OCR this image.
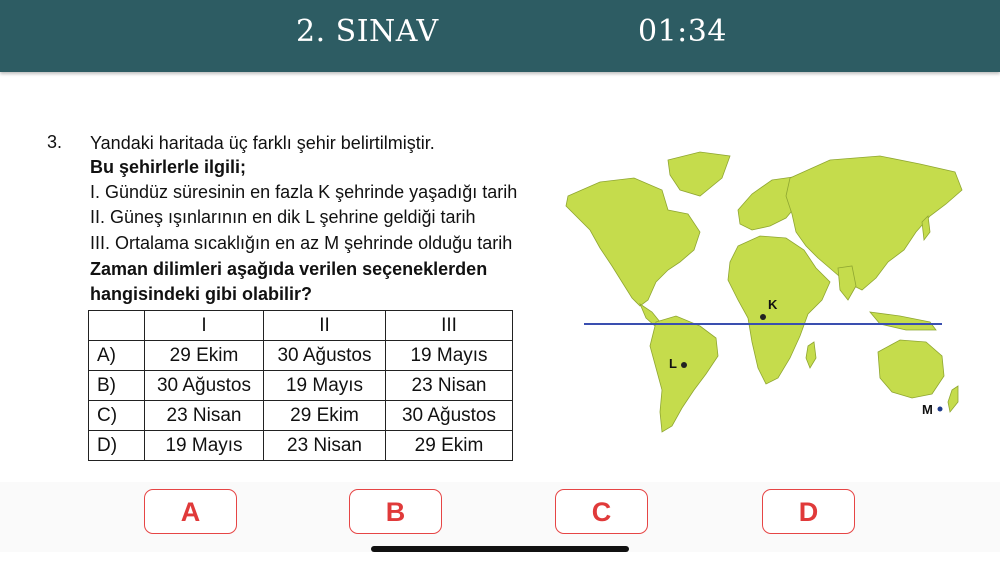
2. SINAV	01:34
3. Yandaki haritada üç farklı şehir belirtilmiştir.
Bu şehirlerle ilgili;
I. Gündüz süresinin en fazla K şehrinde yaşadığı tarih
II. Güneş ışınlarının en dik L şehrine geldiği tarih
III. Ortalama sıcaklığın en az M şehrinde olduğu tarih
Zaman dilimleri aşağıda verilen seçeneklerden
hangisindeki gibi olabilir?
	I	II	III
A)	29 Ekim	30 Ağustos	19 Mayıs
B)	30 Ağustos	19 Mayıs	23 Nisan
C)	23 Nisan	29 Ekim	30 Ağustos
D)	19 Mayıs	23 Nisan	29 Ekim
K
L
M
A	B	C	D
